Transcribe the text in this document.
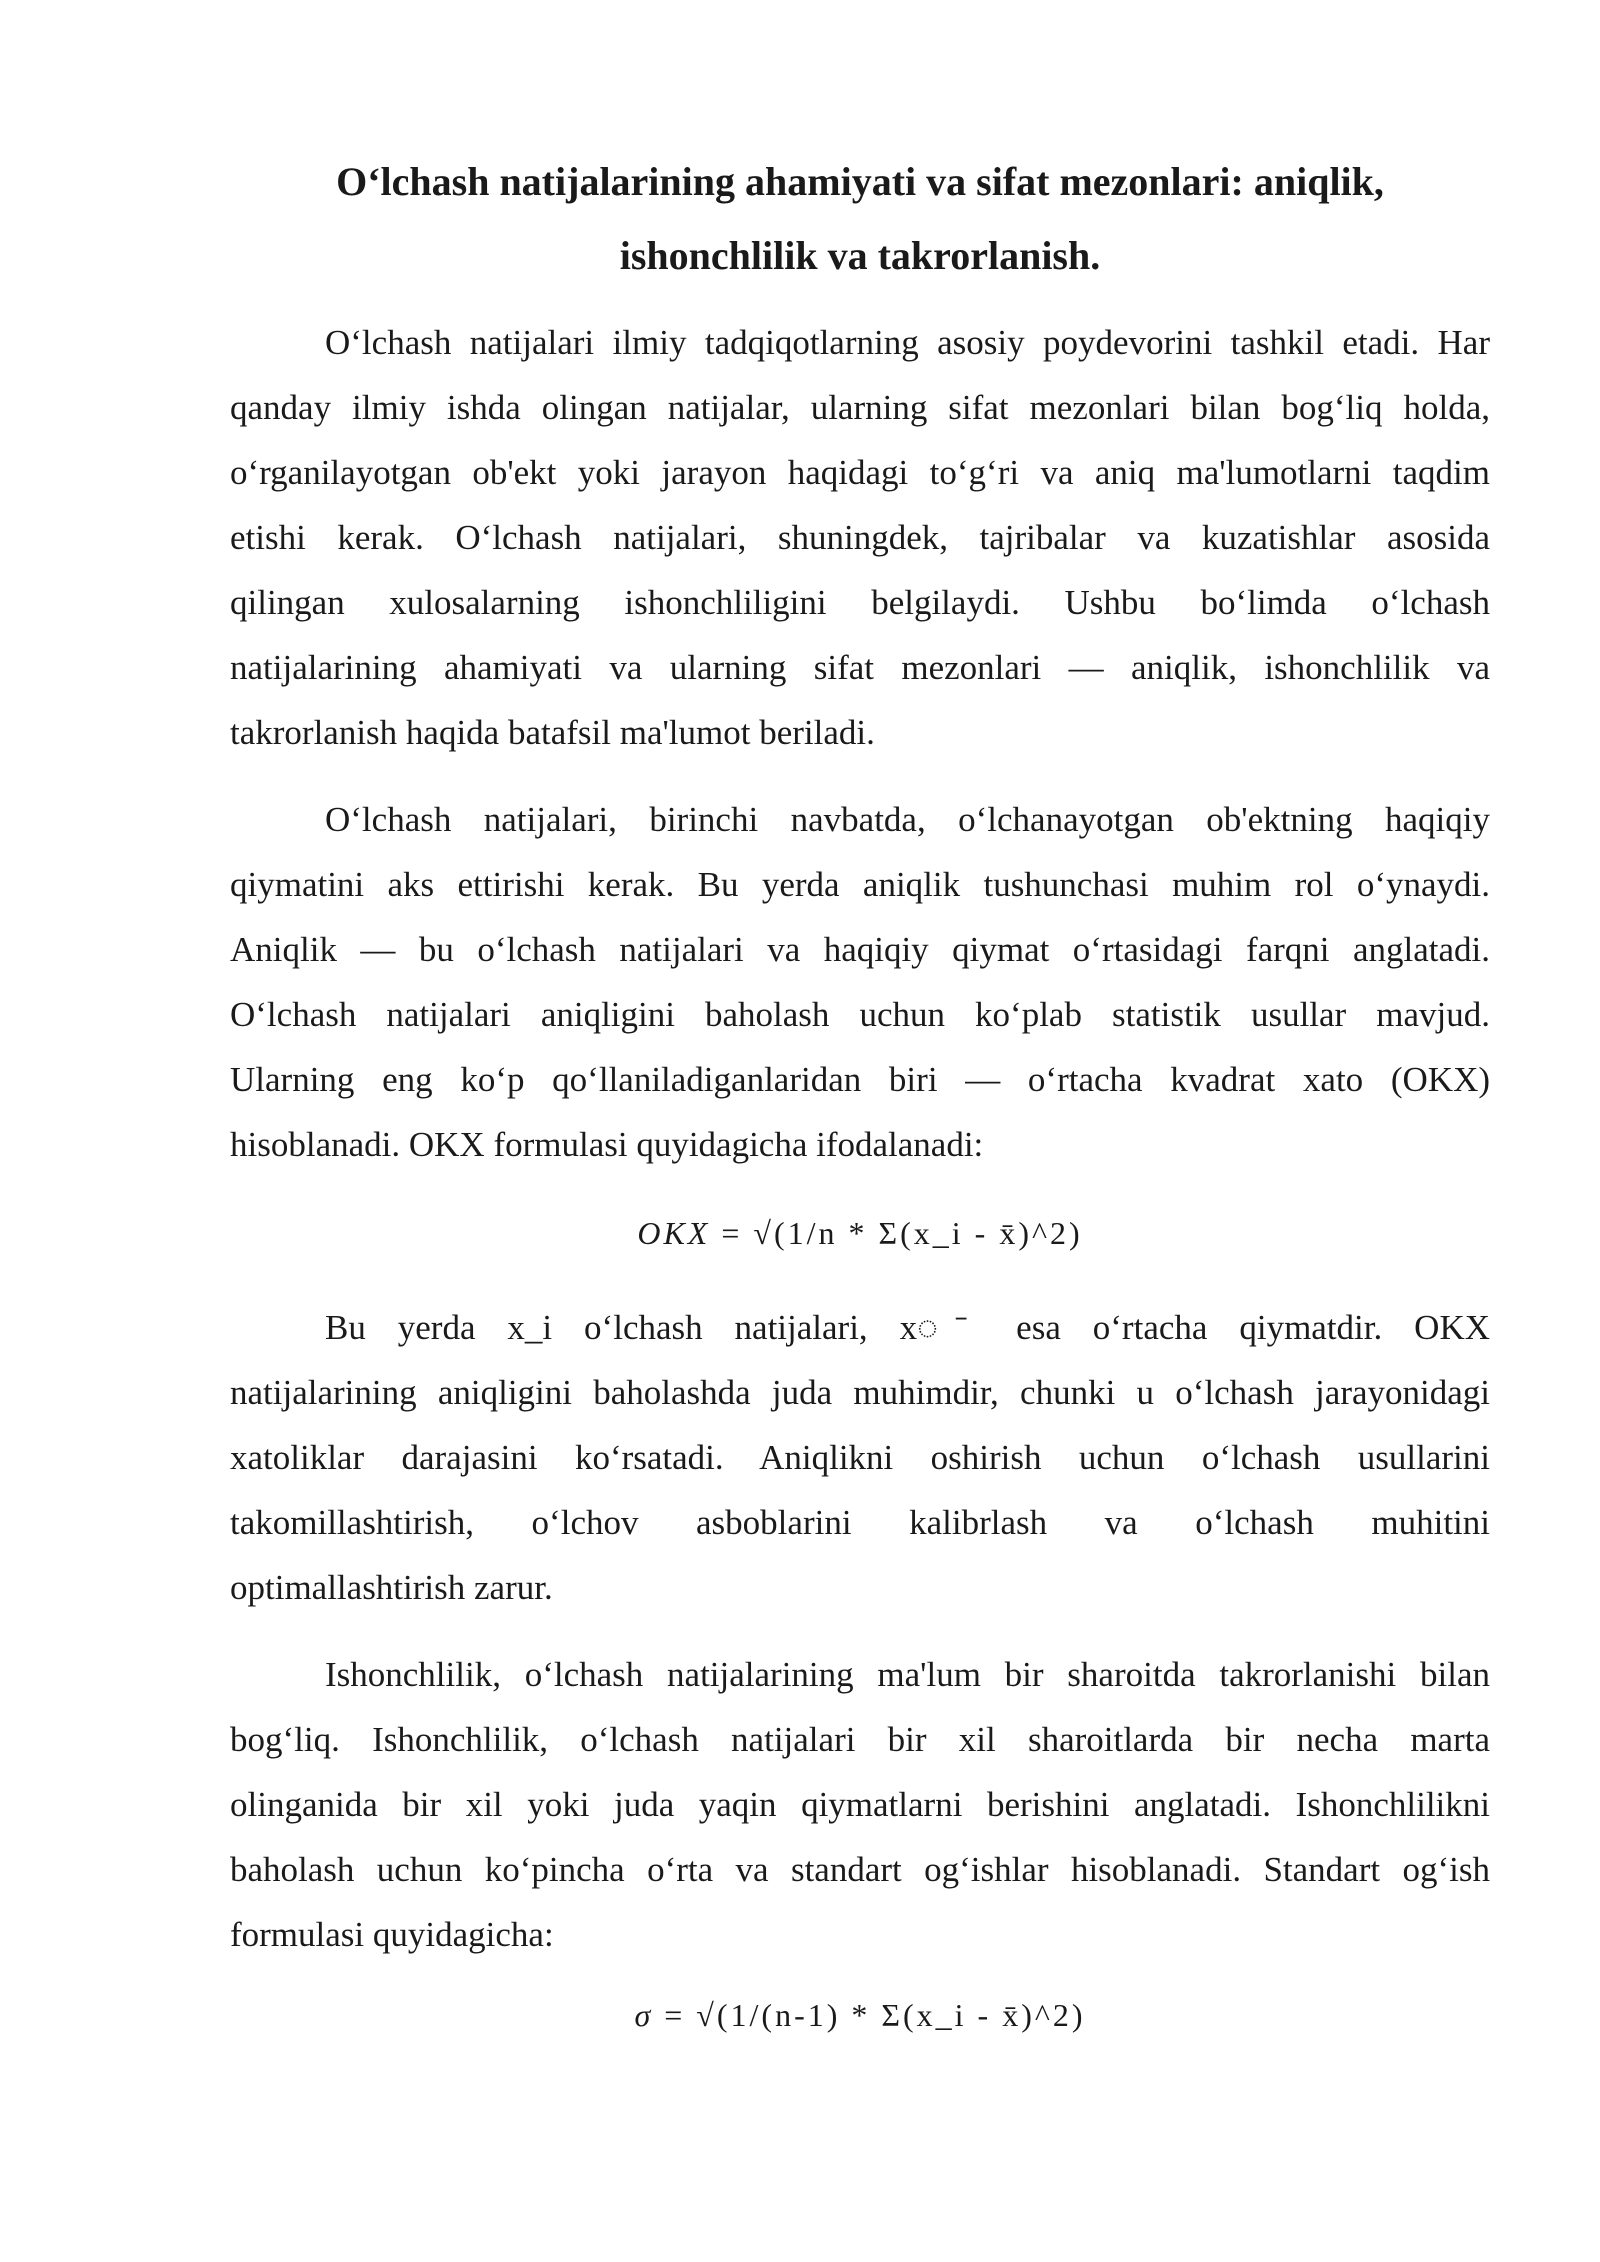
O‘lchash natijalarining ahamiyati va sifat mezonlari: aniqlik,
ishonchlilik va takrorlanish.

O‘lchash natijalari ilmiy tadqiqotlarning asosiy poydevorini tashkil etadi. Har
qanday ilmiy ishda olingan natijalar, ularning sifat mezonlari bilan bog‘liq holda,
o‘rganilayotgan ob'ekt yoki jarayon haqidagi to‘g‘ri va aniq ma'lumotlarni taqdim
etishi kerak. O‘lchash natijalari, shuningdek, tajribalar va kuzatishlar asosida
qilingan xulosalarning ishonchliligini belgilaydi. Ushbu bo‘limda o‘lchash
natijalarining ahamiyati va ularning sifat mezonlari — aniqlik, ishonchlilik va
takrorlanish haqida batafsil ma'lumot beriladi.

O‘lchash natijalari, birinchi navbatda, o‘lchanayotgan ob'ektning haqiqiy
qiymatini aks ettirishi kerak. Bu yerda aniqlik tushunchasi muhim rol o‘ynaydi.
Aniqlik — bu o‘lchash natijalari va haqiqiy qiymat o‘rtasidagi farqni anglatadi.
O‘lchash natijalari aniqligini baholash uchun ko‘plab statistik usullar mavjud.
Ularning eng ko‘p qo‘llaniladiganlaridan biri — o‘rtacha kvadrat xato (OKX)
hisoblanadi. OKX formulasi quyidagicha ifodalanadi:

OKX = √(1/n * Σ(x_i - x̄)^2)

Bu yerda x_i o‘lchash natijalari, x◌̄ esa o‘rtacha qiymatdir. OKX
natijalarining aniqligini baholashda juda muhimdir, chunki u o‘lchash jarayonidagi
xatoliklar darajasini ko‘rsatadi. Aniqlikni oshirish uchun o‘lchash usullarini
takomillashtirish, o‘lchov asboblarini kalibrlash va o‘lchash muhitini
optimallashtirish zarur.

Ishonchlilik, o‘lchash natijalarining ma'lum bir sharoitda takrorlanishi bilan
bog‘liq. Ishonchlilik, o‘lchash natijalari bir xil sharoitlarda bir necha marta
olinganida bir xil yoki juda yaqin qiymatlarni berishini anglatadi. Ishonchlilikni
baholash uchun ko‘pincha o‘rta va standart og‘ishlar hisoblanadi. Standart og‘ish
formulasi quyidagicha:

σ = √(1/(n-1) * Σ(x_i - x̄)^2)
